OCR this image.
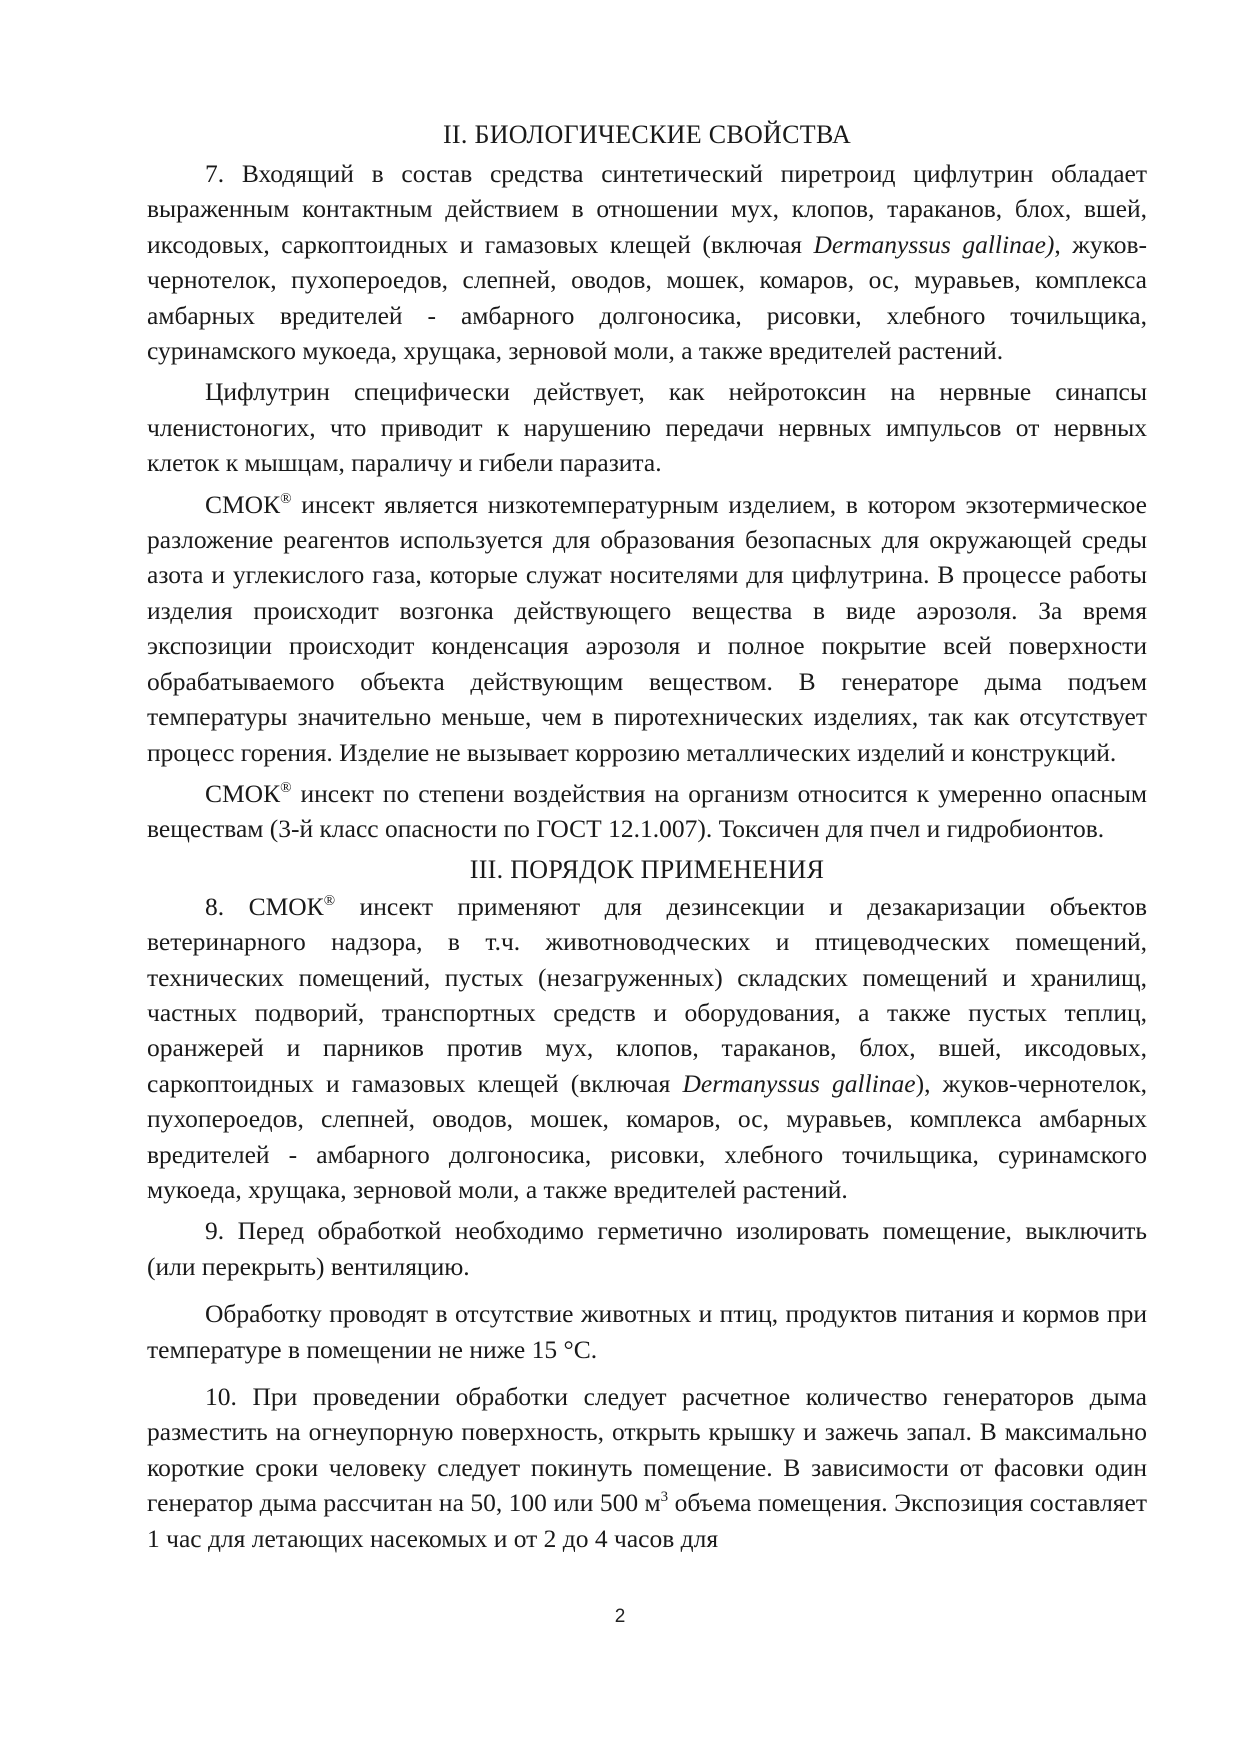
II. БИОЛОГИЧЕСКИЕ СВОЙСТВА

7. Входящий в состав средства синтетический пиретроид цифлутрин обладает выраженным контактным действием в отношении мух, клопов, тараканов, блох, вшей, иксодовых, саркоптоидных и гамазовых клещей (включая Dermanyssus gallinae), жуков-чернотелок, пухопероедов, слепней, оводов, мошек, комаров, ос, муравьев, комплекса амбарных вредителей - амбарного долгоносика, рисовки, хлебного точильщика, суринамского мукоеда, хрущака, зерновой моли, а также вредителей растений.

Цифлутрин специфически действует, как нейротоксин на нервные синапсы членистоногих, что приводит к нарушению передачи нервных импульсов от нервных клеток к мышцам, параличу и гибели паразита.

СМОК® инсект является низкотемпературным изделием, в котором экзотермическое разложение реагентов используется для образования безопасных для окружающей среды азота и углекислого газа, которые служат носителями для цифлутрина. В процессе работы изделия происходит возгонка действующего вещества в виде аэрозоля. За время экспозиции происходит конденсация аэрозоля и полное покрытие всей поверхности обрабатываемого объекта действующим веществом. В генераторе дыма подъем температуры значительно меньше, чем в пиротехнических изделиях, так как отсутствует процесс горения. Изделие не вызывает коррозию металлических изделий и конструкций.

СМОК® инсект по степени воздействия на организм относится к умеренно опасным веществам (3-й класс опасности по ГОСТ 12.1.007). Токсичен для пчел и гидробионтов.

III. ПОРЯДОК ПРИМЕНЕНИЯ

8. СМОК® инсект применяют для дезинсекции и дезакаризации объектов ветеринарного надзора, в т.ч. животноводческих и птицеводческих помещений, технических помещений, пустых (незагруженных) складских помещений и хранилищ, частных подворий, транспортных средств и оборудования, а также пустых теплиц, оранжерей и парников против мух, клопов, тараканов, блох, вшей, иксодовых, саркоптоидных и гамазовых клещей (включая Dermanyssus gallinae), жуков-чернотелок, пухопероедов, слепней, оводов, мошек, комаров, ос, муравьев, комплекса амбарных вредителей - амбарного долгоносика, рисовки, хлебного точильщика, суринамского мукоеда, хрущака, зерновой моли, а также вредителей растений.

9. Перед обработкой необходимо герметично изолировать помещение, выключить (или перекрыть) вентиляцию.

Обработку проводят в отсутствие животных и птиц, продуктов питания и кормов при температуре в помещении не ниже 15 °С.

10. При проведении обработки следует расчетное количество генераторов дыма разместить на огнеупорную поверхность, открыть крышку и зажечь запал. В максимально короткие сроки человеку следует покинуть помещение. В зависимости от фасовки один генератор дыма рассчитан на 50, 100 или 500 $м^3$ объема помещения. Экспозиция составляет 1 час для летающих насекомых и от 2 до 4 часов для

2
